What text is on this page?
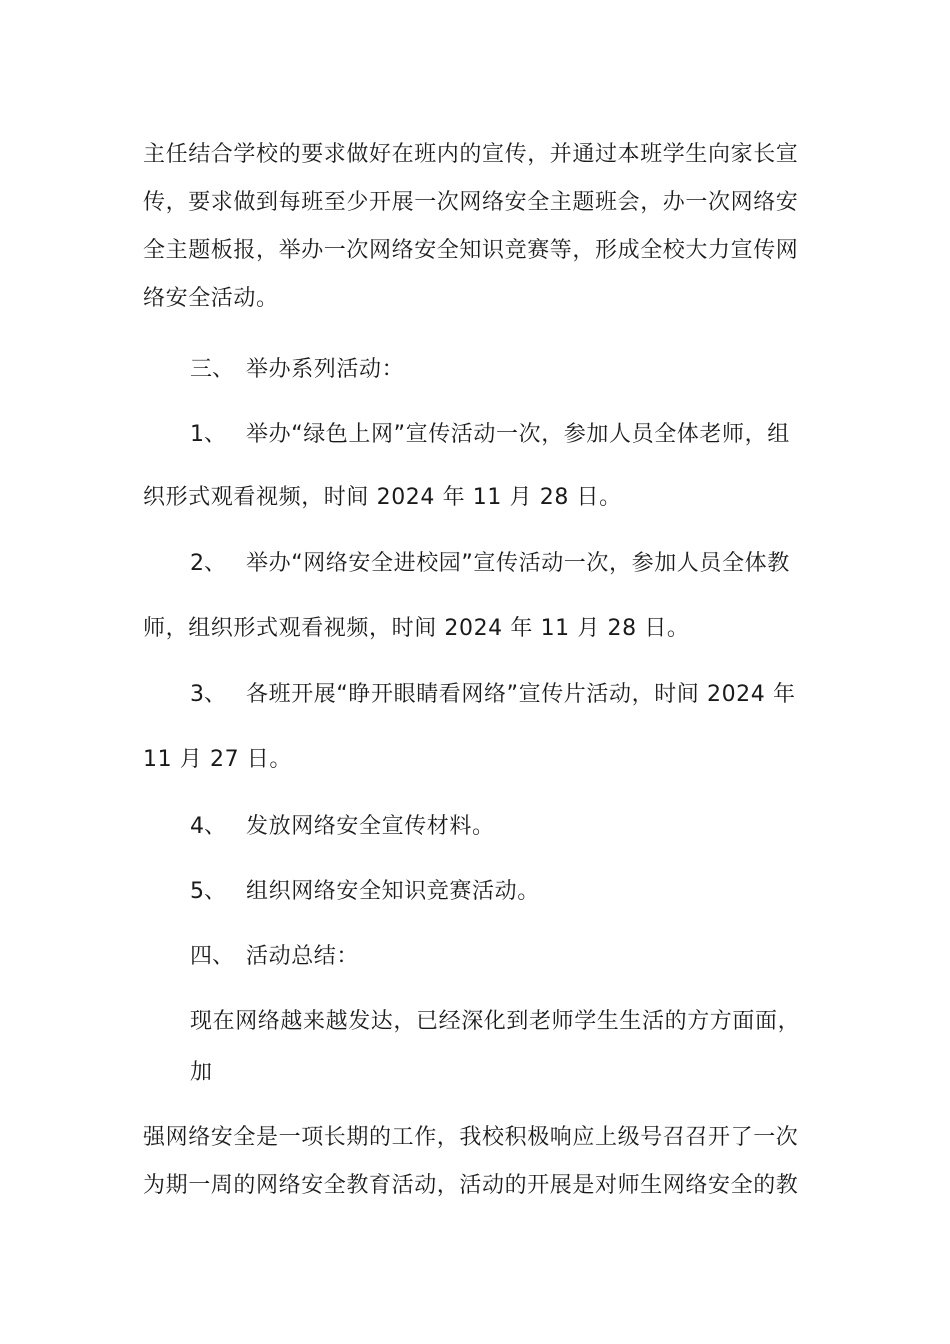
主任结合学校的要求做好在班内的宣传，并通过本班学生向家长宣
传，要求做到每班至少开展一次网络安全主题班会，办一次网络安
全主题板报，举办一次网络安全知识竞赛等，形成全校大力宣传网
络安全活动。
三、 举办系列活动：
1、 举办“绿色上网”宣传活动一次，参加人员全体老师，组
织形式观看视频，时间 2024 年 11 月 28 日。
2、 举办“网络安全进校园”宣传活动一次，参加人员全体教
师，组织形式观看视频，时间 2024 年 11 月 28 日。
3、 各班开展“睁开眼睛看网络”宣传片活动，时间 2024 年
11 月 27 日。
4、 发放网络安全宣传材料。
5、 组织网络安全知识竞赛活动。
四、 活动总结：
现在网络越来越发达，已经深化到老师学生生活的方方面面，
加
强网络安全是一项长期的工作，我校积极响应上级号召召开了一次
为期一周的网络安全教育活动，活动的开展是对师生网络安全的教
